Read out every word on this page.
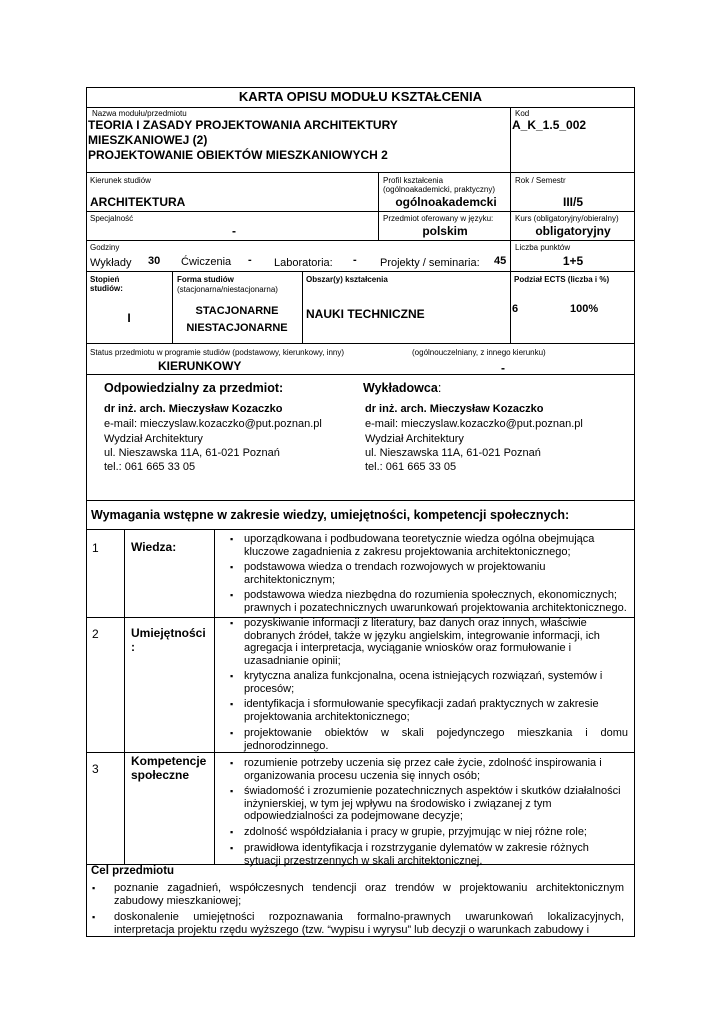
KARTA OPISU MODUŁU KSZTAŁCENIA
Nazwa modułu/przedmiotu
TEORIA I ZASADY PROJEKTOWANIA ARCHITEKTURY
MIESZKANIOWEJ (2)
PROJEKTOWANIE OBIEKTÓW MIESZKANIOWYCH 2
Kod
A_K_1.5_002
Kierunek studiów
ARCHITEKTURA
Profil kształcenia
(ogólnoakademicki, praktyczny)
ogólnoakademcki
Rok / Semestr
III/5
Specjalność
-
Przedmiot oferowany w języku:
polskim
Kurs (obligatoryjny/obieralny)
obligatoryjny
Godziny
Wykłady 30 Ćwiczenia - Laboratoria: - Projekty / seminaria: 45
Liczba punktów
1+5
Stopień
studiów:
I
Forma studiów
(stacjonarna/niestacjonarna)
STACJONARNE
NIESTACJONARNE
Obszar(y) kształcenia
NAUKI TECHNICZNE
Podział ECTS (liczba i %)
6	100%
Status przedmiotu w programie studiów (podstawowy, kierunkowy, inny)	(ogólnouczelniany, z innego kierunku)
KIERUNKOWY	-
Odpowiedzialny za przedmiot:
dr inż. arch. Mieczysław Kozaczko
e-mail: mieczyslaw.kozaczko@put.poznan.pl
Wydział Architektury
ul. Nieszawska 11A, 61-021 Poznań
tel.: 061 665 33 05
Wykładowca:
dr inż. arch. Mieczysław Kozaczko
e-mail: mieczyslaw.kozaczko@put.poznan.pl
Wydział Architektury
ul. Nieszawska 11A, 61-021 Poznań
tel.: 061 665 33 05
Wymagania wstępne w zakresie wiedzy, umiejętności, kompetencji społecznych:
1	Wiedza:
▪ uporządkowana i podbudowana teoretycznie wiedza ogólna obejmująca kluczowe zagadnienia z zakresu projektowania architektonicznego;
▪ podstawowa wiedza o trendach rozwojowych w projektowaniu architektonicznym;
▪ podstawowa wiedza niezbędna do rozumienia społecznych, ekonomicznych; prawnych i pozatechnicznych uwarunkowań projektowania architektonicznego.
2	Umiejętności
:
▪ pozyskiwanie informacji z literatury, baz danych oraz innych, właściwie dobranych źródeł, także w języku angielskim, integrowanie informacji, ich agregacja i interpretacja, wyciąganie wniosków oraz formułowanie i uzasadnianie opinii;
▪ krytyczna analiza funkcjonalna, ocena istniejących rozwiązań, systemów i procesów;
▪ identyfikacja i sformułowanie specyfikacji zadań praktycznych w zakresie projektowania architektonicznego;
▪ projektowanie obiektów w skali pojedynczego mieszkania i domu jednorodzinnego.
3
Kompetencje
społeczne
▪ rozumienie potrzeby uczenia się przez całe życie, zdolność inspirowania i organizowania procesu uczenia się innych osób;
▪ świadomość i zrozumienie pozatechnicznych aspektów i skutków działalności inżynierskiej, w tym jej wpływu na środowisko i związanej z tym odpowiedzialności za podejmowane decyzje;
▪ zdolność współdziałania i pracy w grupie, przyjmując w niej różne role;
▪ prawidłowa identyfikacja i rozstrzyganie dylematów w zakresie różnych sytuacji przestrzennych w skali architektonicznej.
Cel przedmiotu
▪ poznanie zagadnień, współczesnych tendencji oraz trendów w projektowaniu architektonicznym zabudowy mieszkaniowej;
▪ doskonalenie umiejętności rozpoznawania formalno-prawnych uwarunkowań lokalizacyjnych, interpretacja projektu rzędu wyższego (tzw. “wypisu i wyrysu” lub decyzji o warunkach zabudowy i
